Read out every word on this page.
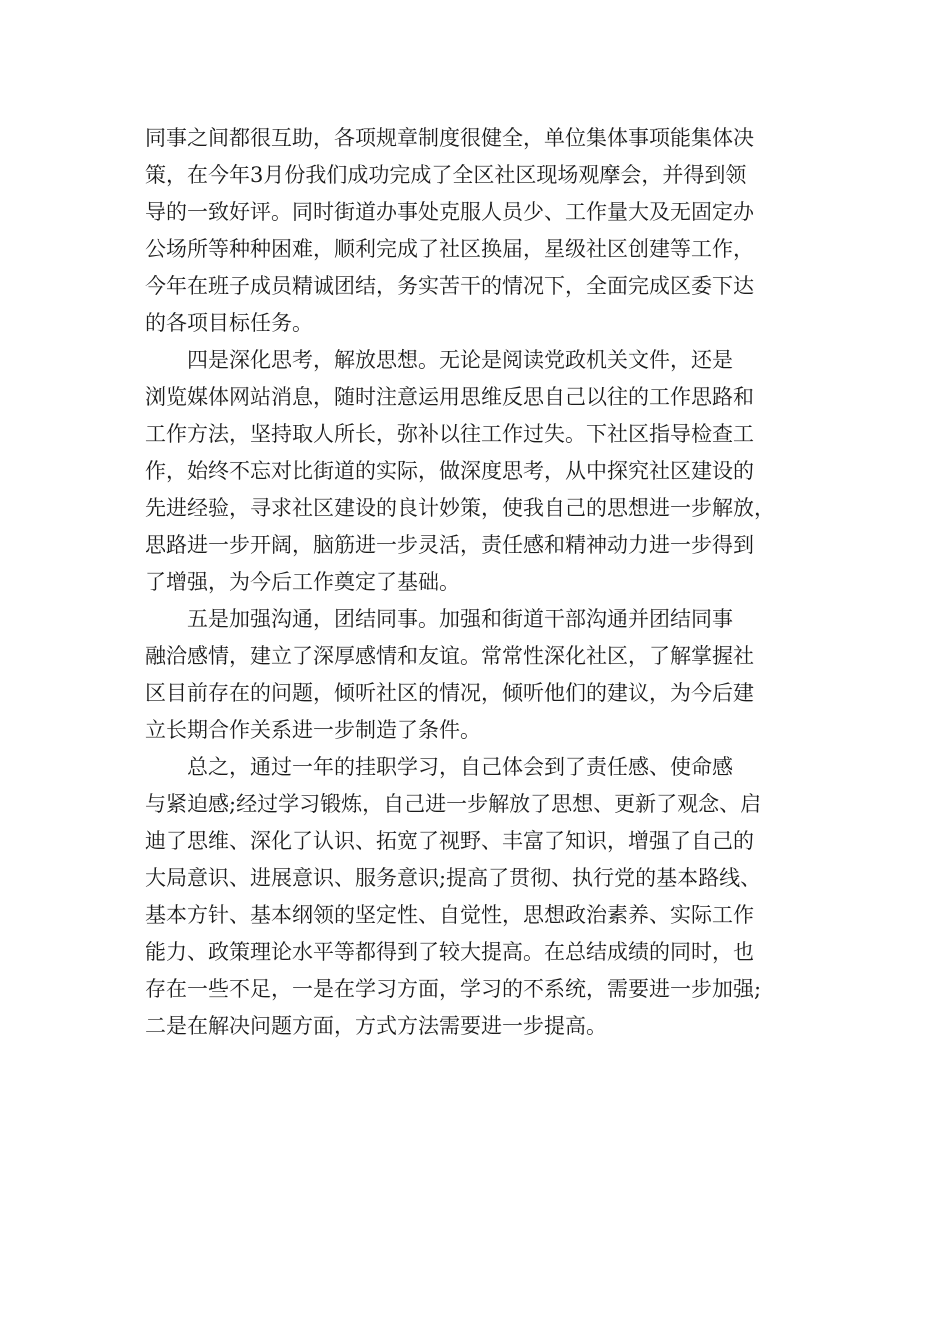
同事之间都很互助，各项规章制度很健全，单位集体事项能集体决
策，在今年3月份我们成功完成了全区社区现场观摩会，并得到领
导的一致好评。同时街道办事处克服人员少、工作量大及无固定办
公场所等种种困难，顺利完成了社区换届，星级社区创建等工作，
今年在班子成员精诚团结，务实苦干的情况下，全面完成区委下达
的各项目标任务。
　　四是深化思考，解放思想。无论是阅读党政机关文件，还是
浏览媒体网站消息，随时注意运用思维反思自己以往的工作思路和
工作方法，坚持取人所长，弥补以往工作过失。下社区指导检查工
作，始终不忘对比街道的实际，做深度思考，从中探究社区建设的
先进经验，寻求社区建设的良计妙策，使我自己的思想进一步解放，
思路进一步开阔，脑筋进一步灵活，责任感和精神动力进一步得到
了增强，为今后工作奠定了基础。
　　五是加强沟通，团结同事。加强和街道干部沟通并团结同事
融洽感情，建立了深厚感情和友谊。常常性深化社区，了解掌握社
区目前存在的问题，倾听社区的情况，倾听他们的建议，为今后建
立长期合作关系进一步制造了条件。
　　总之，通过一年的挂职学习，自己体会到了责任感、使命感
与紧迫感;经过学习锻炼，自己进一步解放了思想、更新了观念、启
迪了思维、深化了认识、拓宽了视野、丰富了知识，增强了自己的
大局意识、进展意识、服务意识;提高了贯彻、执行党的基本路线、
基本方针、基本纲领的坚定性、自觉性，思想政治素养、实际工作
能力、政策理论水平等都得到了较大提高。在总结成绩的同时，也
存在一些不足，一是在学习方面，学习的不系统，需要进一步加强;
二是在解决问题方面，方式方法需要进一步提高。
